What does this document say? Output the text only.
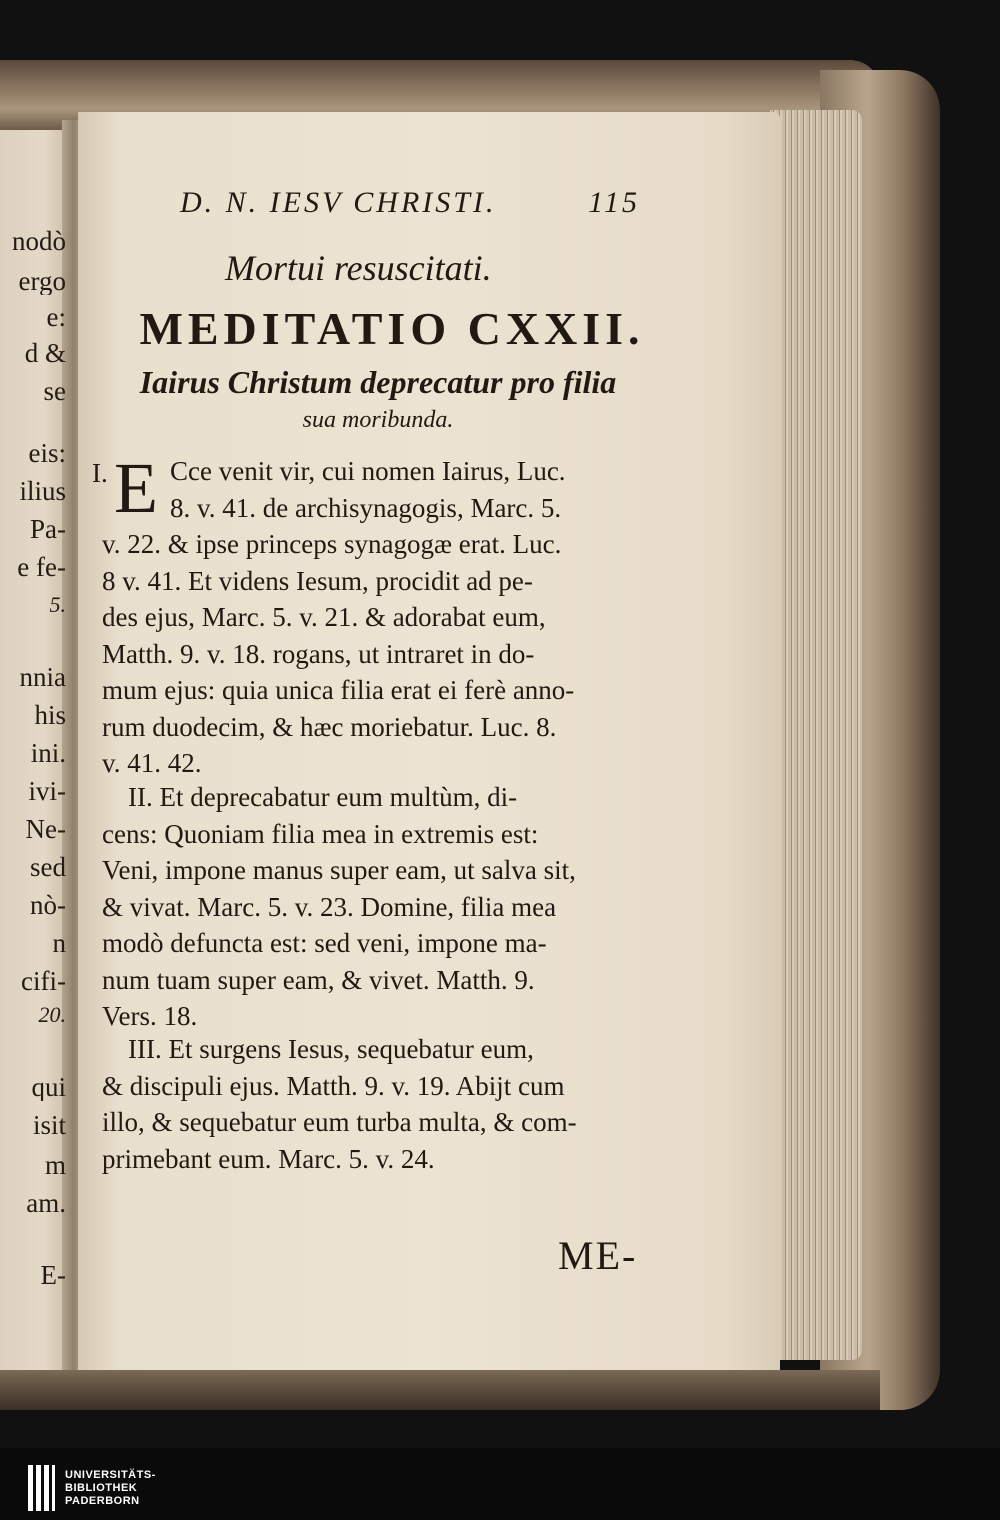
nodò
ergo
e:
d &
se
eis:
ilius
Pa-
e fe-
5.
nnia
his
ini.
ivi-
Ne-
sed
nò-
n
cifi-
20.
qui
isit
m
am.
E-
D. N. IESV CHRISTI.	115
Mortui resuscitati.
MEDITATIO CXXII.
Iairus Christum deprecatur pro filia
sua moribunda.
I. E Cce venit vir, cui nomen Iairus, Luc.
8. v. 41. de archisynagogis, Marc. 5.
v. 22. & ipse princeps synagogæ erat. Luc.
8 v. 41. Et videns Iesum, procidit ad pe-
des ejus, Marc. 5. v. 21. & adorabat eum,
Matth. 9. v. 18. rogans, ut intraret in do-
mum ejus: quia unica filia erat ei ferè anno-
rum duodecim, & hæc moriebatur. Luc. 8.
v. 41. 42.
II. Et deprecabatur eum multùm, di-
cens: Quoniam filia mea in extremis est:
Veni, impone manus super eam, ut salva sit,
& vivat. Marc. 5. v. 23. Domine, filia mea
modò defuncta est: sed veni, impone ma-
num tuam super eam, & vivet. Matth. 9.
Vers. 18.
III. Et surgens Iesus, sequebatur eum,
& discipuli ejus. Matth. 9. v. 19. Abijt cum
illo, & sequebatur eum turba multa, & com-
primebant eum. Marc. 5. v. 24.
ME-
UNIVERSITÄTS-
BIBLIOTHEK
PADERBORN
